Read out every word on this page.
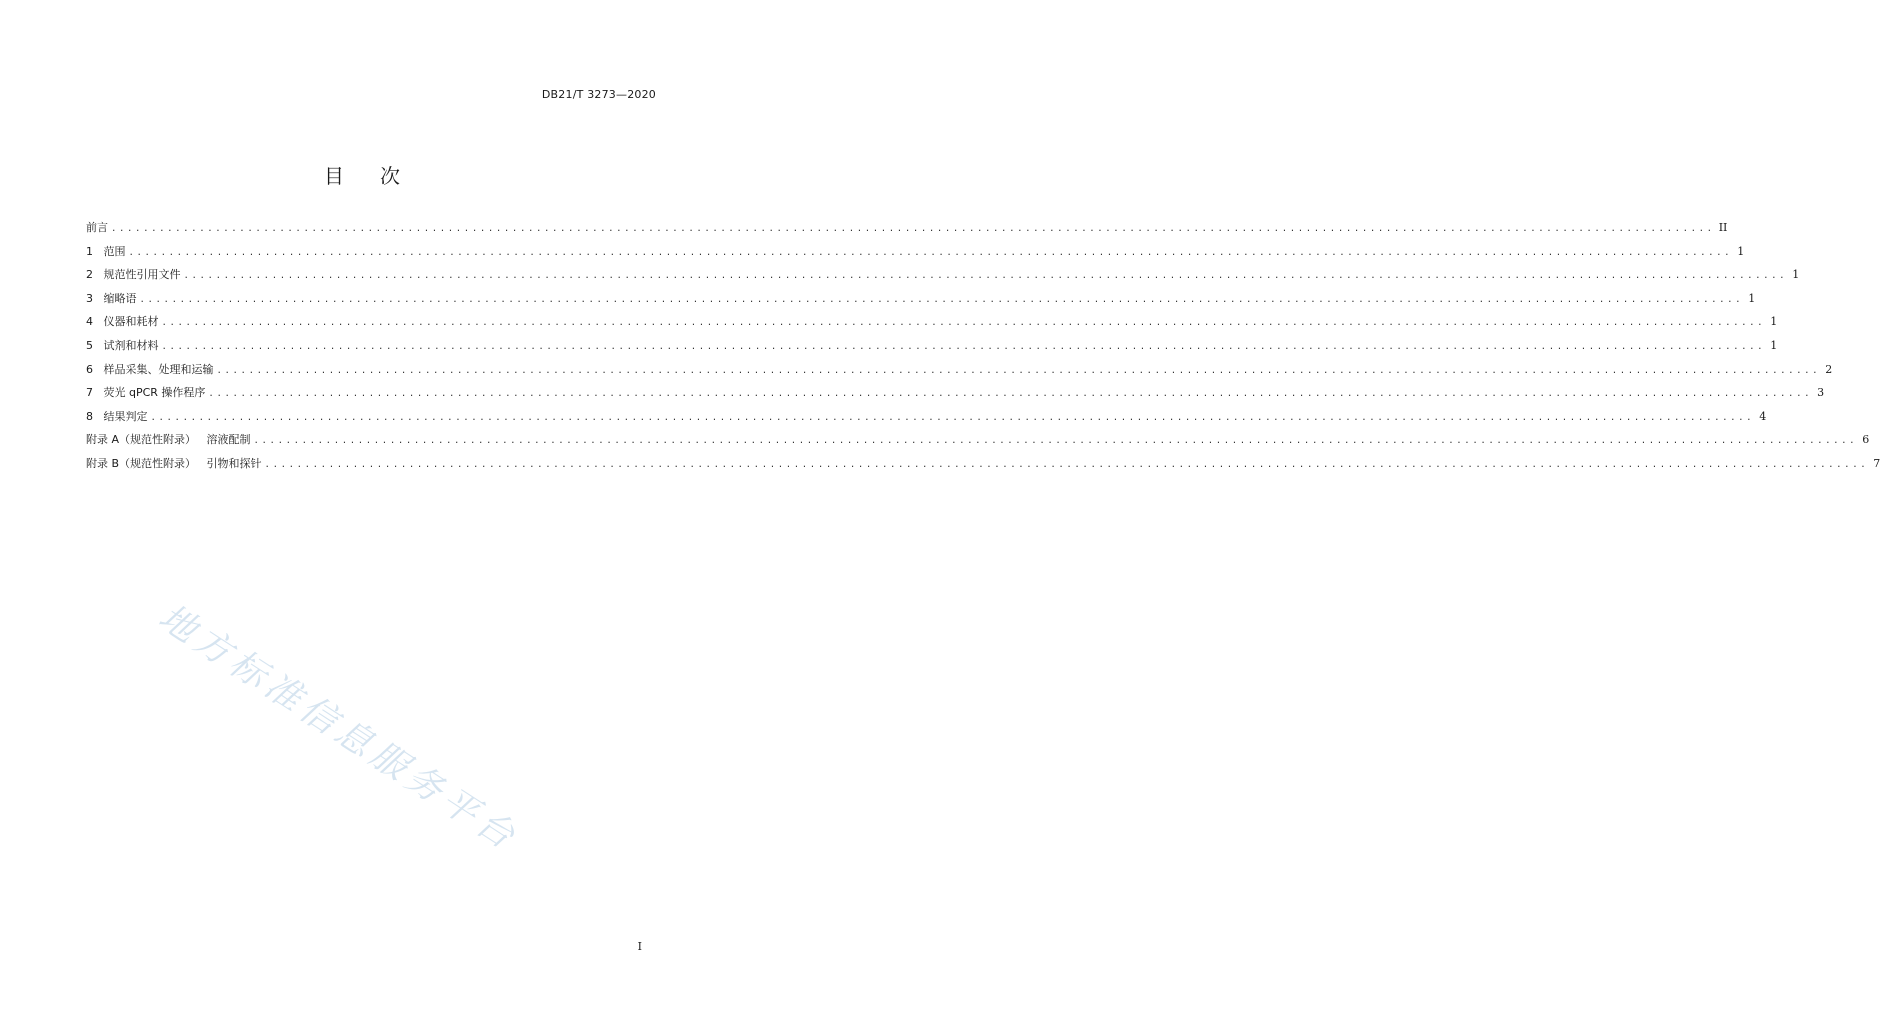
DB21/T 3273—2020
目 次
前言 ........................................................................................................................................................................................................ II
1   范围 ........................................................................................................................................................................................................ 1
2   规范性引用文件 ........................................................................................................................................................................................................ 1
3   缩略语 ........................................................................................................................................................................................................ 1
4   仪器和耗材 ........................................................................................................................................................................................................ 1
5   试剂和材料 ........................................................................................................................................................................................................ 1
6   样品采集、处理和运输 ........................................................................................................................................................................................................ 2
7   荧光 qPCR 操作程序 ........................................................................................................................................................................................................ 3
8   结果判定 ........................................................................................................................................................................................................ 4
附录 A（规范性附录）   溶液配制 ........................................................................................................................................................................................................ 6
附录 B（规范性附录）   引物和探针 ........................................................................................................................................................................................................ 7
地方标准信息服务平台
I
